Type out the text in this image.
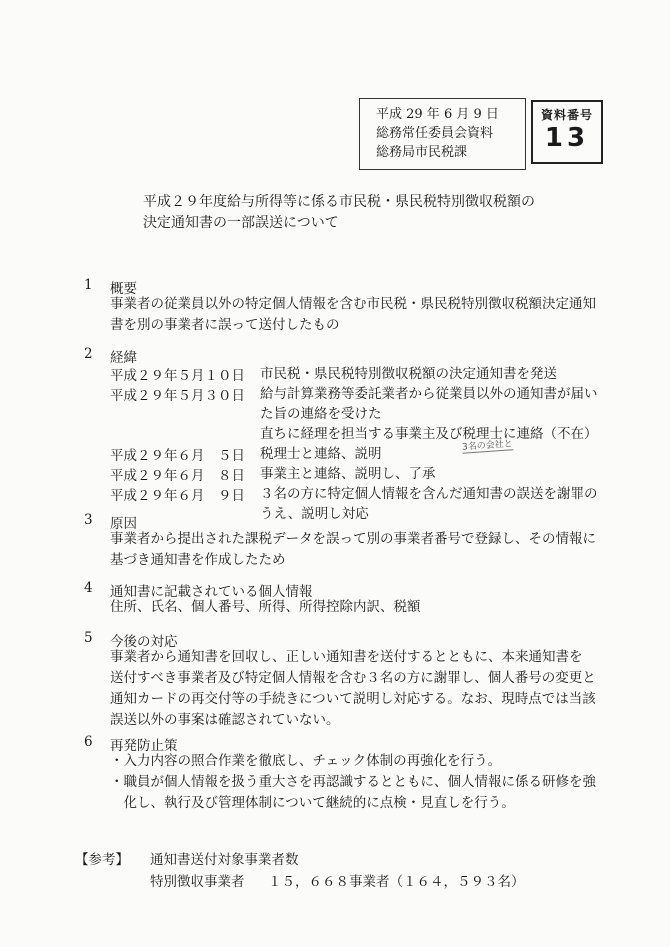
平成 29 年 6 月 9 日
総務常任委員会資料
総務局市民税課
資料番号
13
平成２９年度給与所得等に係る市民税・県民税特別徴収税額の
決定通知書の一部誤送について
1 概要
事業者の従業員以外の特定個人情報を含む市民税・県民税特別徴収税額決定通知
書を別の事業者に誤って送付したもの
2 経緯
平成２９年５月１０日 市民税・県民税特別徴収税額の決定通知書を発送
平成２９年５月３０日 給与計算業務等委託業者から従業員以外の通知書が届い
た旨の連絡を受けた
直ちに経理を担当する事業主及び税理士に連絡（不在）
3名の会社と
平成２９年６月　５日 税理士と連絡、説明
平成２９年６月　８日 事業主と連絡、説明し、了承
平成２９年６月　９日 ３名の方に特定個人情報を含んだ通知書の誤送を謝罪の
うえ、説明し対応
3 原因
事業者から提出された課税データを誤って別の事業者番号で登録し、その情報に
基づき通知書を作成したため
4 通知書に記載されている個人情報
住所、氏名、個人番号、所得、所得控除内訳、税額
5 今後の対応
事業者から通知書を回収し、正しい通知書を送付するとともに、本来通知書を
送付すべき事業者及び特定個人情報を含む３名の方に謝罪し、個人番号の変更と
通知カードの再交付等の手続きについて説明し対応する。なお、現時点では当該
誤送以外の事案は確認されていない。
6 再発防止策
・入力内容の照合作業を徹底し、チェック体制の再強化を行う。
・職員が個人情報を扱う重大さを再認識するとともに、個人情報に係る研修を強
　化し、執行及び管理体制について継続的に点検・見直しを行う。
【参考】 通知書送付対象事業者数
特別徴収事業者 １５，６６８事業者（１６４，５９３名）
